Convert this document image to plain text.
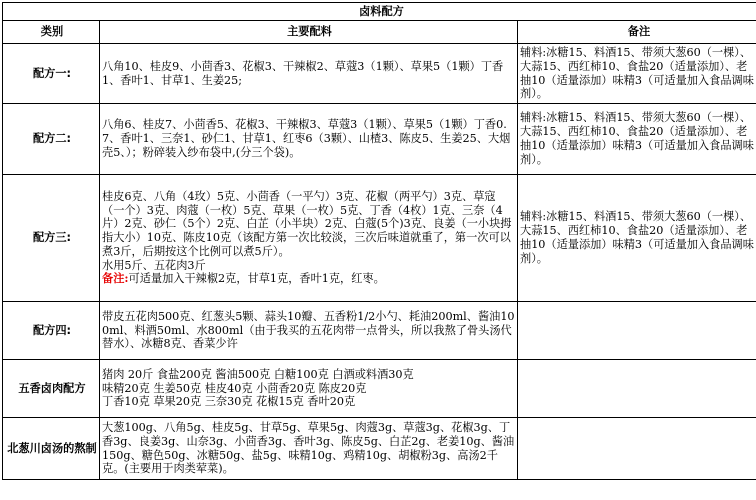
卤料配方		
类别	主要配料	备注
配方一:	八角10、桂皮9、小茴香3、花椒3、干辣椒2、草蔻3（1颗）、草果5（1颗）丁香1、香叶1、甘草1、生姜25;	辅料:冰糖15、料酒15、带须大葱60（一棵）、大蒜15、西红柿10、食盐20（适量添加）、老抽10（适量添加）味精3（可适量加入食品调味剂）。
配方二:	八角6、桂皮7、小茴香5、花椒3、干辣椒3、草蔻3（1颗）、草果5（1颗）丁香0.7、香叶1、三奈1、砂仁1、甘草1、红枣6（3颗）、山楂3、陈皮5、生姜25、大烟壳5、）；粉碎装入纱布袋中,(分三个袋)。	辅料:冰糖15、料酒15、带须大葱60（一棵）、大蒜15、西红柿10、食盐20（适量添加）、老抽10（适量添加）味精3（可适量加入食品调味剂）。
配方三:	桂皮6克、八角（4玫）5克、小茴香（一平勺）3克、花椒（两平勺）3克、草寇（一个）3克、肉蔻（一枚）5克、草果（一枚）5克、丁香（4枚）1克、三奈（4片）2克、砂仁（5个）2克、白芷（小半块）2克、白蔻(5个)3克、良姜（一小块拇指大小）10克、陈皮10克（该配方第一次比较淡，三次后味道就重了，第一次可以煮3斤，后期按这个比例可以煮5斤）。
水用5斤、五花肉3斤
备注:可适量加入干辣椒2克，甘草1克，香叶1克，红枣。	辅料:冰糖15、料酒15、带须大葱60（一棵）、大蒜15、西红柿10、食盐20（适量添加）、老抽10（适量添加）味精3（可适量加入食品调味剂）。
配方四:	带皮五花肉500克、红葱头5颗、蒜头10瓣、五香粉1/2小勺、耗油200ml、酱油100ml、料酒50ml、水800ml（由于我买的五花肉带一点骨头，所以我熬了骨头汤代替水）、冰糖8克、香菜少许	

五香卤肉配方	猪肉 20斤 食盐200克 酱油500克 白糖100克 白酒或料酒30克
味精20克 生姜50克 桂皮40克 小茴香20克 陈皮20克
丁香10克 草果20克 三奈30克 花椒15克 香叶20克	

北葱川卤汤的熬制	大葱100g、八角5g、桂皮5g、甘草5g、草果5g、肉蔻3g、草蔻3g、花椒3g、丁香3g、良姜3g、山奈3g、小茴香3g、香叶3g、陈皮5g、白芷2g、老姜10g、酱油150g、糖色50g、冰糖50g、盐5g、味精10g、鸡精10g、胡椒粉3g、高汤2千克。(主要用于肉类荤菜)。	
